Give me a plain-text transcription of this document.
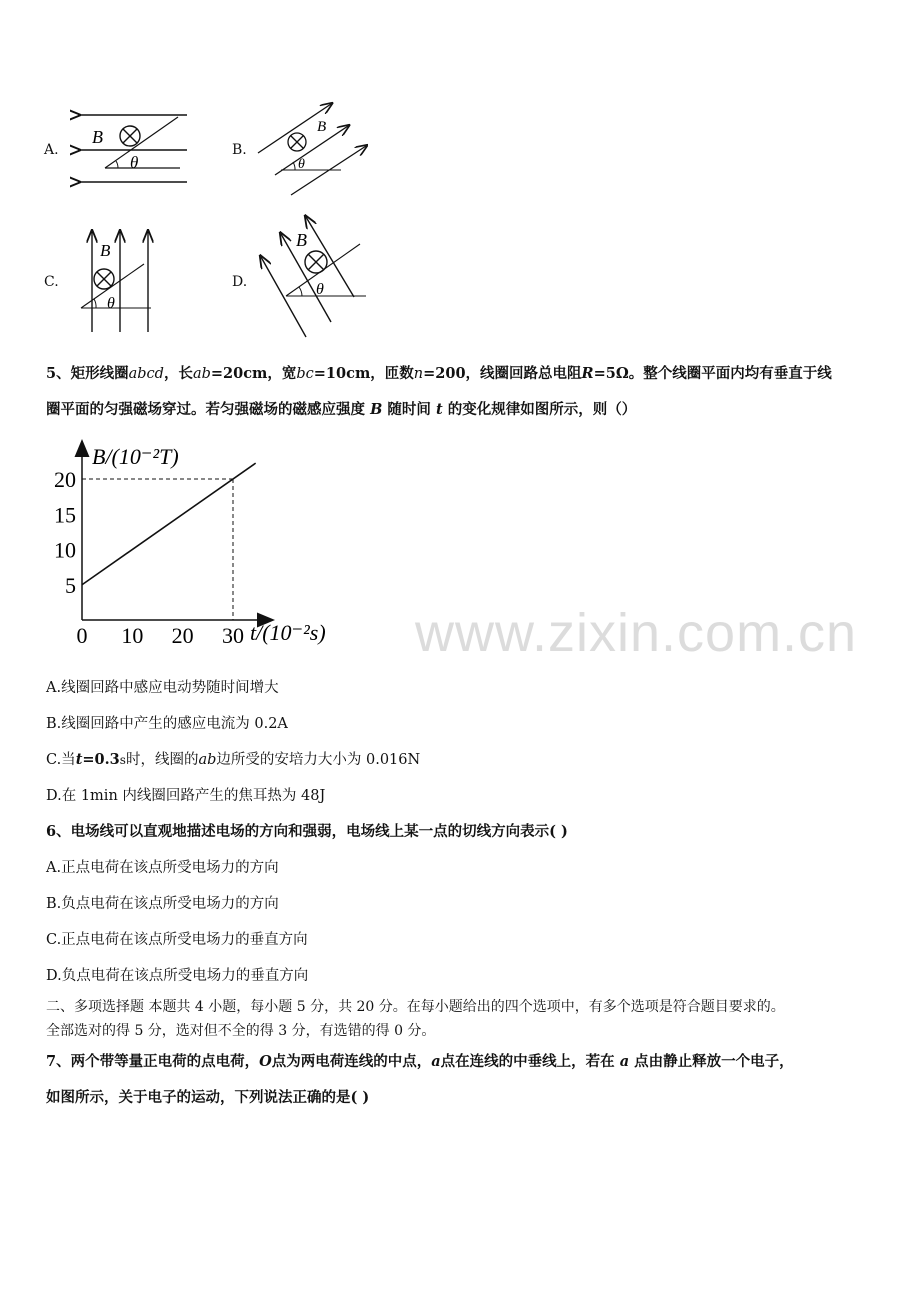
A.
B
θ
B.
B
θ
C.
B
θ
D.
B
θ
5、矩形线圈abcd，长ab=20cm，宽bc=10cm，匝数n=200，线圈回路总电阻R=5Ω。整个线圈平面内均有垂直于线
圈平面的匀强磁场穿过。若匀强磁场的磁感应强度 B 随时间 t 的变化规律如图所示，则（）
B/(10⁻²T)
t/(10⁻²s)
20
15
10
5
0 10 20 30	www.zixin.com.cn
A.线圈回路中感应电动势随时间增大
B.线圈回路中产生的感应电流为 0.2A
C.当t=0.3s时，线圈的ab边所受的安培力大小为 0.016N
D.在 1min 内线圈回路产生的焦耳热为 48J
6、电场线可以直观地描述电场的方向和强弱，电场线上某一点的切线方向表示( )
A.正点电荷在该点所受电场力的方向
B.负点电荷在该点所受电场力的方向
C.正点电荷在该点所受电场力的垂直方向
D.负点电荷在该点所受电场力的垂直方向
二、多项选择题 本题共 4 小题，每小题 5 分，共 20 分。在每小题给出的四个选项中，有多个选项是符合题目要求的。
全部选对的得 5 分，选对但不全的得 3 分，有选错的得 0 分。
7、两个带等量正电荷的点电荷，O点为两电荷连线的中点，a点在连线的中垂线上，若在 a 点由静止释放一个电子，
如图所示，关于电子的运动，下列说法正确的是( )
